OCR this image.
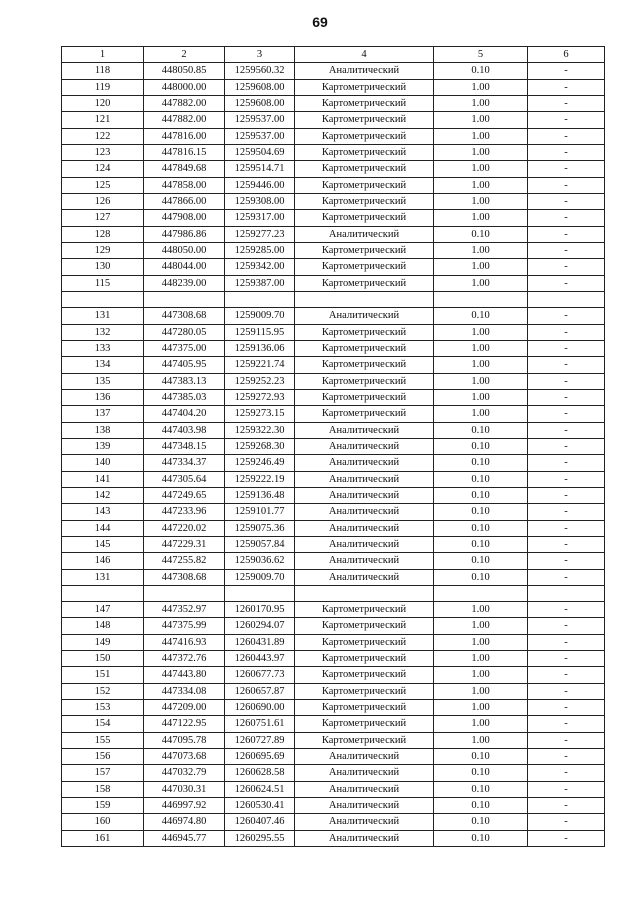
69
1	2	3	4	5	6
118	448050.85	1259560.32	Аналитический	0.10	-
119	448000.00	1259608.00	Картометрический	1.00	-
120	447882.00	1259608.00	Картометрический	1.00	-
121	447882.00	1259537.00	Картометрический	1.00	-
122	447816.00	1259537.00	Картометрический	1.00	-
123	447816.15	1259504.69	Картометрический	1.00	-
124	447849.68	1259514.71	Картометрический	1.00	-
125	447858.00	1259446.00	Картометрический	1.00	-
126	447866.00	1259308.00	Картометрический	1.00	-
127	447908.00	1259317.00	Картометрический	1.00	-
128	447986.86	1259277.23	Аналитический	0.10	-
129	448050.00	1259285.00	Картометрический	1.00	-
130	448044.00	1259342.00	Картометрический	1.00	-
115	448239.00	1259387.00	Картометрический	1.00	-

131	447308.68	1259009.70	Аналитический	0.10	-
132	447280.05	1259115.95	Картометрический	1.00	-
133	447375.00	1259136.06	Картометрический	1.00	-
134	447405.95	1259221.74	Картометрический	1.00	-
135	447383.13	1259252.23	Картометрический	1.00	-
136	447385.03	1259272.93	Картометрический	1.00	-
137	447404.20	1259273.15	Картометрический	1.00	-
138	447403.98	1259322.30	Аналитический	0.10	-
139	447348.15	1259268.30	Аналитический	0.10	-
140	447334.37	1259246.49	Аналитический	0.10	-
141	447305.64	1259222.19	Аналитический	0.10	-
142	447249.65	1259136.48	Аналитический	0.10	-
143	447233.96	1259101.77	Аналитический	0.10	-
144	447220.02	1259075.36	Аналитический	0.10	-
145	447229.31	1259057.84	Аналитический	0.10	-
146	447255.82	1259036.62	Аналитический	0.10	-
131	447308.68	1259009.70	Аналитический	0.10	-

147	447352.97	1260170.95	Картометрический	1.00	-
148	447375.99	1260294.07	Картометрический	1.00	-
149	447416.93	1260431.89	Картометрический	1.00	-
150	447372.76	1260443.97	Картометрический	1.00	-
151	447443.80	1260677.73	Картометрический	1.00	-
152	447334.08	1260657.87	Картометрический	1.00	-
153	447209.00	1260690.00	Картометрический	1.00	-
154	447122.95	1260751.61	Картометрический	1.00	-
155	447095.78	1260727.89	Картометрический	1.00	-
156	447073.68	1260695.69	Аналитический	0.10	-
157	447032.79	1260628.58	Аналитический	0.10	-
158	447030.31	1260624.51	Аналитический	0.10	-
159	446997.92	1260530.41	Аналитический	0.10	-
160	446974.80	1260407.46	Аналитический	0.10	-
161	446945.77	1260295.55	Аналитический	0.10	-
